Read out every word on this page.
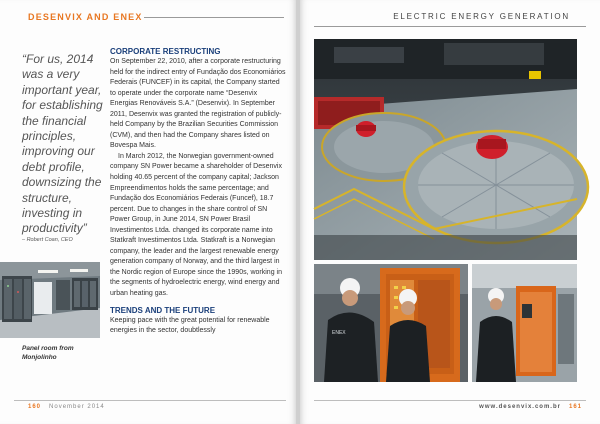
DESENVIX AND ENEX
“For us, 2014 was a very important year, for establishing the financial principles, improving our debt profile, downsizing the structure, investing in productivity”
– Robert Coan, CEO
Panel room from Monjolinho
CORPORATE RESTRUCTING

On September 22, 2010, after a corporate restructuring held for the indirect entry of Fundação dos Economiários Federais (FUNCEF) in its capital, the Company started to operate under the corporate name “Desenvix Energias Renováveis S.A.” (Desenvix). In September 2011, Desenvix was granted the registration of publicly-held Company by the Brazilian Securities Commission (CVM), and then had the Company shares listed on Bovespa Mais.

In March 2012, the Norwegian government-owned company SN Power became a shareholder of Desenvix holding 40.65 percent of the company capital; Jackson Empreendimentos holds the same percentage; and Fundação dos Economiários Federais (Funcef), 18.7 percent. Due to changes in the share control of SN Power Group, in June 2014, SN Power Brasil Investimentos Ltda. changed its corporate name into Statkraft Investimentos Ltda. Statkraft is a Norwegian company, the leader and the largest renewable energy generation company of Norway, and the third largest in the Nordic region of Europe since the 1990s, working in the segments of hydroelectric energy, wind energy and urban heating gas.

TRENDS AND THE FUTURE

Keeping pace with the great potential for renewable energies in the sector, doubtlessly

160 November 2014
ELECTRIC ENERGY GENERATION
ENEX
www.desenvix.com.br 161
